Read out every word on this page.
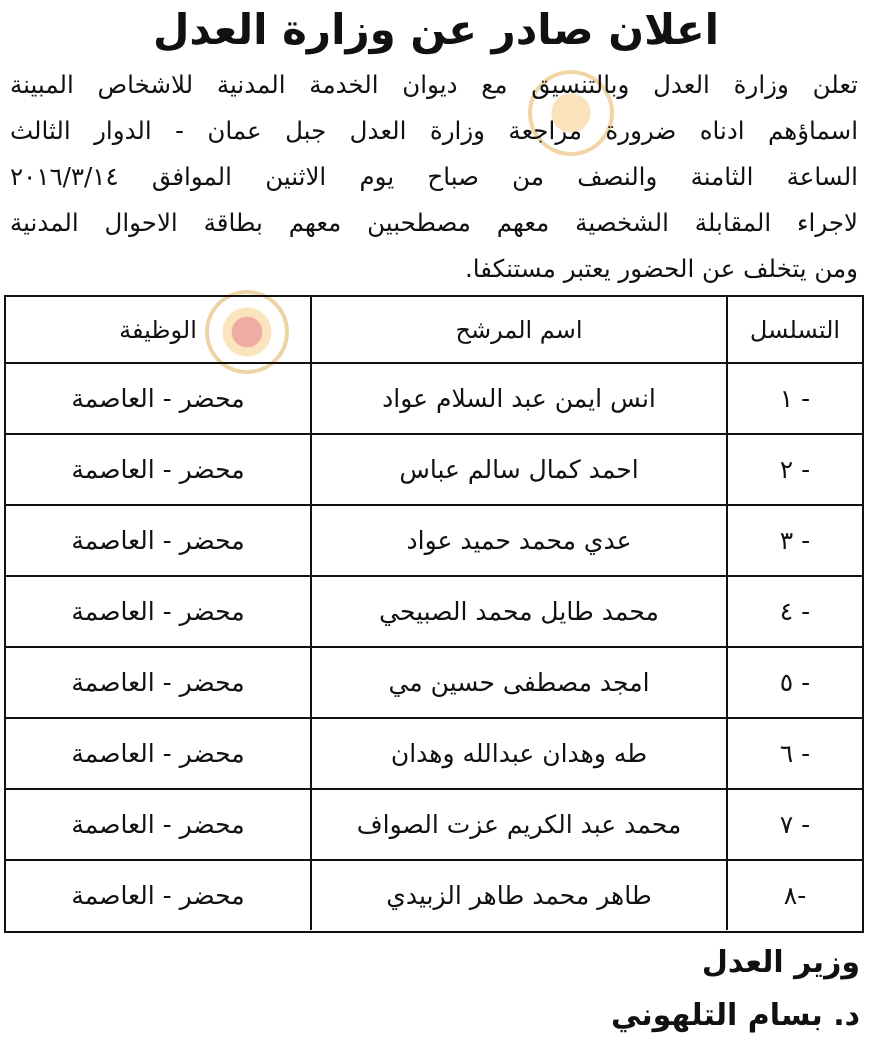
اعلان صادر عن وزارة العدل
تعلن وزارة العدل وبالتنسيق مع ديوان الخدمة المدنية للاشخاص المبينة
اسماؤهم ادناه ضرورة مراجعة وزارة العدل جبل عمان - الدوار الثالث
الساعة الثامنة والنصف من صباح يوم الاثنين الموافق ٢٠١٦/٣/١٤
لاجراء المقابلة الشخصية معهم مصطحبين معهم بطاقة الاحوال المدنية
ومن يتخلف عن الحضور يعتبر مستنكفا.
التسلسل
اسم المرشح
الوظيفة
١ -
انس ايمن عبد السلام عواد
محضر - العاصمة
٢ -
احمد كمال سالم عباس
محضر - العاصمة
٣ -
عدي محمد حميد عواد
محضر - العاصمة
٤ -
محمد طايل محمد الصبيحي
محضر - العاصمة
٥ -
امجد مصطفى حسين مي
محضر - العاصمة
٦ -
طه وهدان عبدالله وهدان
محضر - العاصمة
٧ -
محمد عبد الكريم عزت الصواف
محضر - العاصمة
٨-
طاهر محمد طاهر الزبيدي
محضر - العاصمة
وزير العدل
د. بسام التلهوني
